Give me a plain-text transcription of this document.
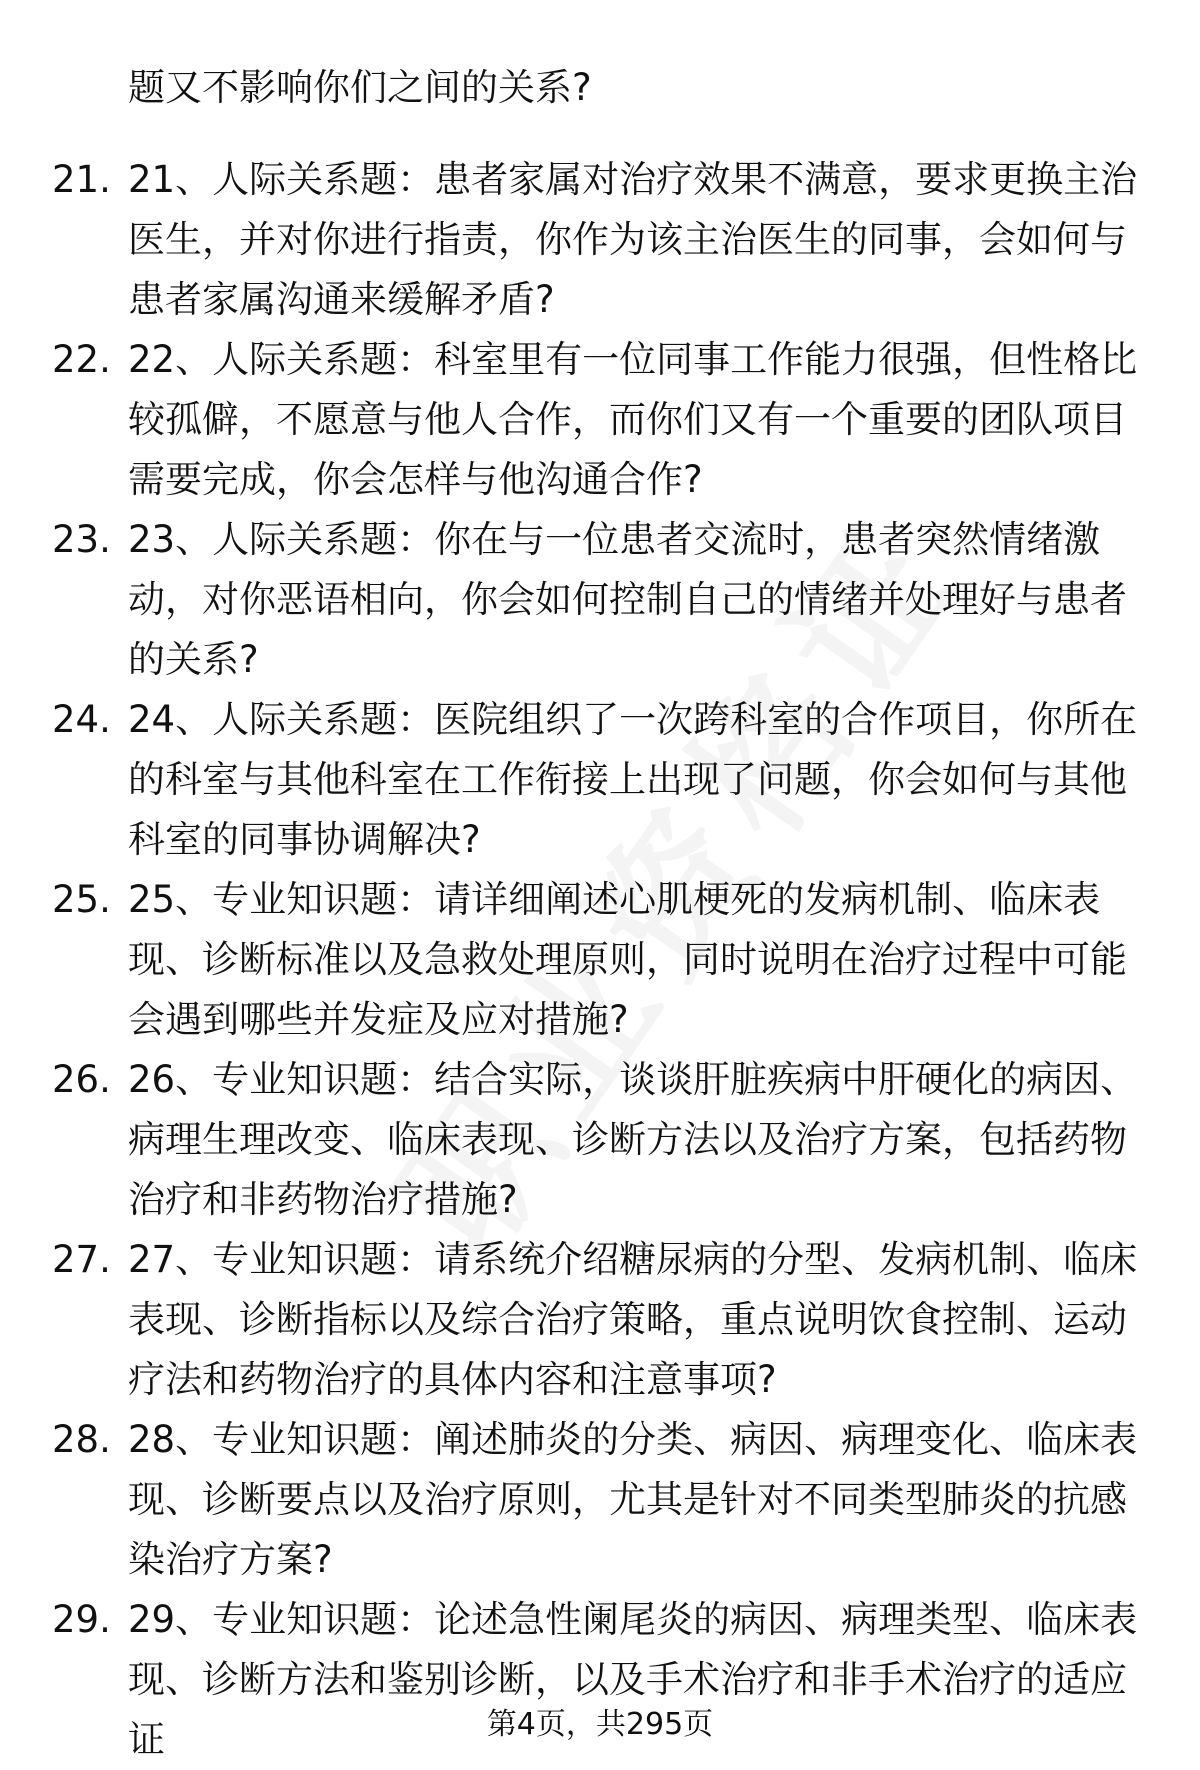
题又不影响你们之间的关系?
21. 21、人际关系题：患者家属对治疗效果不满意，要求更换主治医生，并对你进行指责，你作为该主治医生的同事，会如何与患者家属沟通来缓解矛盾?
22. 22、人际关系题：科室里有一位同事工作能力很强，但性格比较孤僻，不愿意与他人合作，而你们又有一个重要的团队项目需要完成，你会怎样与他沟通合作?
23. 23、人际关系题：你在与一位患者交流时，患者突然情绪激动，对你恶语相向，你会如何控制自己的情绪并处理好与患者的关系?
24. 24、人际关系题：医院组织了一次跨科室的合作项目，你所在的科室与其他科室在工作衔接上出现了问题，你会如何与其他科室的同事协调解决?
25. 25、专业知识题：请详细阐述心肌梗死的发病机制、临床表现、诊断标准以及急救处理原则，同时说明在治疗过程中可能会遇到哪些并发症及应对措施?
26. 26、专业知识题：结合实际，谈谈肝脏疾病中肝硬化的病因、病理生理改变、临床表现、诊断方法以及治疗方案，包括药物治疗和非药物治疗措施?
27. 27、专业知识题：请系统介绍糖尿病的分型、发病机制、临床表现、诊断指标以及综合治疗策略，重点说明饮食控制、运动疗法和药物治疗的具体内容和注意事项?
28. 28、专业知识题：阐述肺炎的分类、病因、病理变化、临床表现、诊断要点以及治疗原则，尤其是针对不同类型肺炎的抗感染治疗方案?
29. 29、专业知识题：论述急性阑尾炎的病因、病理类型、临床表现、诊断方法和鉴别诊断，以及手术治疗和非手术治疗的适应证	第4页，共295页
